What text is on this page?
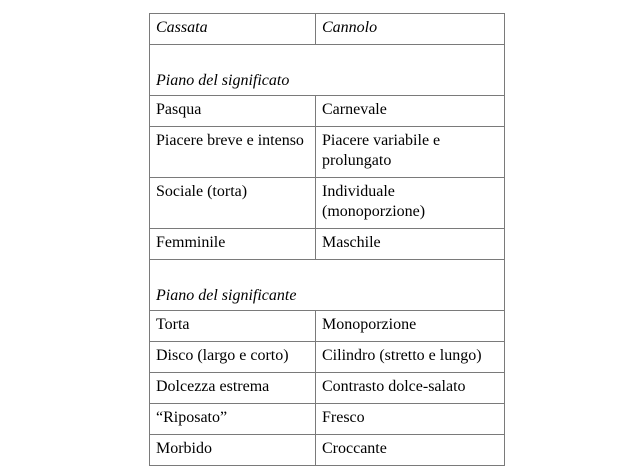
Cassata	Cannolo
Piano del significato	
Pasqua	Carnevale
Piacere breve e intenso	Piacere variabile e prolungato
Sociale (torta)	Individuale (monoporzione)
Femminile	Maschile
Piano del significante	
Torta	Monoporzione
Disco (largo e corto)	Cilindro (stretto e lungo)
Dolcezza estrema	Contrasto dolce-salato
“Riposato”	Fresco
Morbido	Croccante
